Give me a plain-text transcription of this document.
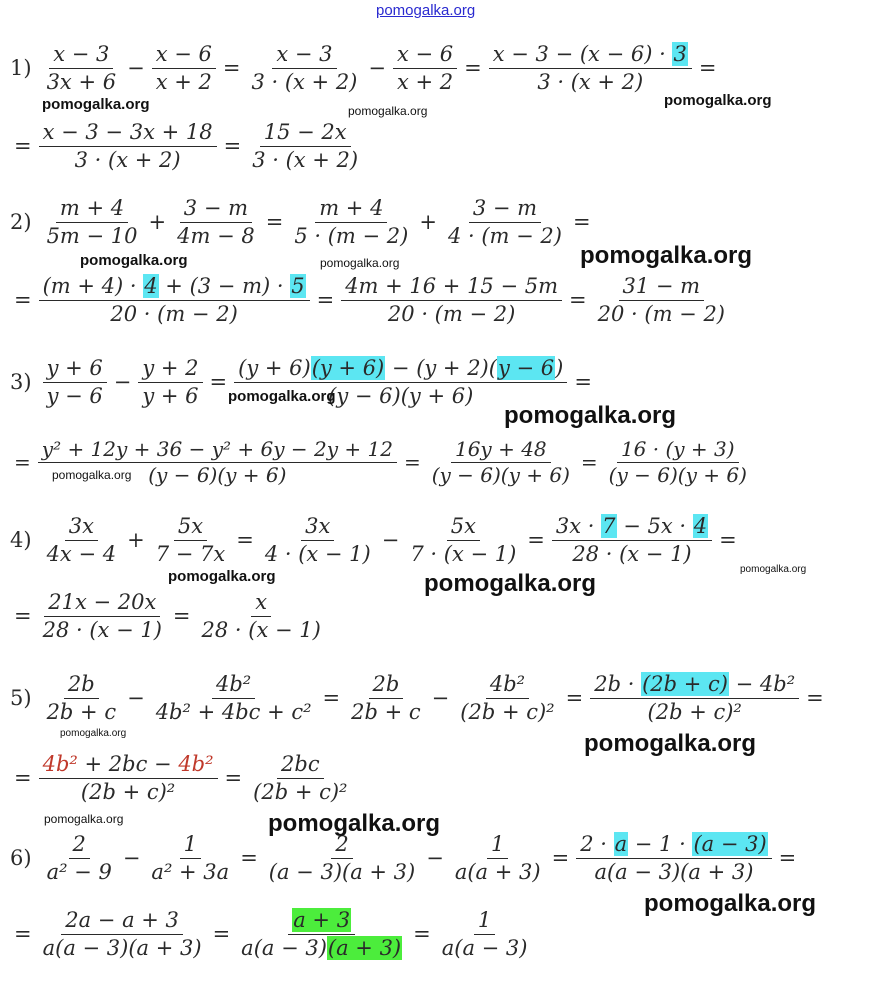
pomogalka.org
$1) \frac{x - 3}{3x + 6} - \frac{x - 6}{x + 2} = \frac{x - 3}{3 \cdot (x + 2)} - \frac{x - 6}{x + 2} = \frac{x - 3 - (x - 6) \cdot 3}{3 \cdot (x + 2)}$ =
= $\frac{x - 3 - 3x + 18}{3 \cdot (x + 2)} = \frac{15 - 2x}{3 \cdot (x + 2)}$
$2) \frac{m + 4}{5m - 10} + \frac{3 - m}{4m - 8} = \frac{m + 4}{5 \cdot (m - 2)} + \frac{3 - m}{4 \cdot (m - 2)}$ =
= $\frac{(m + 4) \cdot 4 + (3 - m) \cdot 5}{20 \cdot (m - 2)} = \frac{4m + 16 + 15 - 5m}{20 \cdot (m - 2)} = \frac{31 - m}{20 \cdot (m - 2)}$
$3) \frac{y + 6}{y - 6} - \frac{y + 2}{y + 6} = \frac{(y + 6)(y + 6) - (y + 2)(y - 6)}{(y - 6)(y + 6)}$ =
= $\frac{\text{y² + 12y + 36 − y² + 6y − 2y + 12}}{(y - 6)(y + 6)} = \frac{16y + 48}{(y - 6)(y + 6)} = \frac{16 \cdot (y + 3)}{(y - 6)(y + 6)}$
$4) \frac{3x}{4x - 4} + \frac{5x}{7 - 7x} = \frac{3x}{4 \cdot (x - 1)} - \frac{5x}{7 \cdot (x - 1)} = \frac{3x \cdot 7 - 5x \cdot 4}{28 \cdot (x - 1)}$ =
= $\frac{21x - 20x}{28 \cdot (x - 1)} = \frac{x}{28 \cdot (x - 1)}$
$5) \frac{2b}{2b + c} - \frac{\text{4b²}}{\text{4b² + 4bc + c²}} = \frac{2b}{2b + c} - \frac{\text{4b²}}{\text{(2b + c)²}} = \frac{\text{2b · (2b + c) − 4b²}}{\text{(2b + c)²}}$ =
= $\frac{\text{4b² + 2bc − 4b²}}{\text{(2b + c)²}} = \frac{2bc}{\text{(2b + c)²}}$
$6) \frac{2}{\text{a² − 9}} - \frac{1}{\text{a² + 3a}} = \frac{2}{(a - 3)(a + 3)} - \frac{1}{a(a + 3)} = \frac{2 \cdot a - 1 \cdot (a - 3)}{a(a - 3)(a + 3)}$ =
= $\frac{2a - a + 3}{a(a - 3)(a + 3)} = \frac{a + 3}{a(a - 3)(a + 3)} = \frac{1}{a(a - 3)}$
pomogalka.org	pomogalka.org
pomogalka.org
pomogalka.org	pomogalka.org	pomogalka.org
pomogalka.org
pomogalka.org
pomogalka.org
pomogalka.org	pomogalka.org
pomogalka.org
pomogalka.org	pomogalka.org
pomogalka.org	pomogalka.org
pomogalka.org
